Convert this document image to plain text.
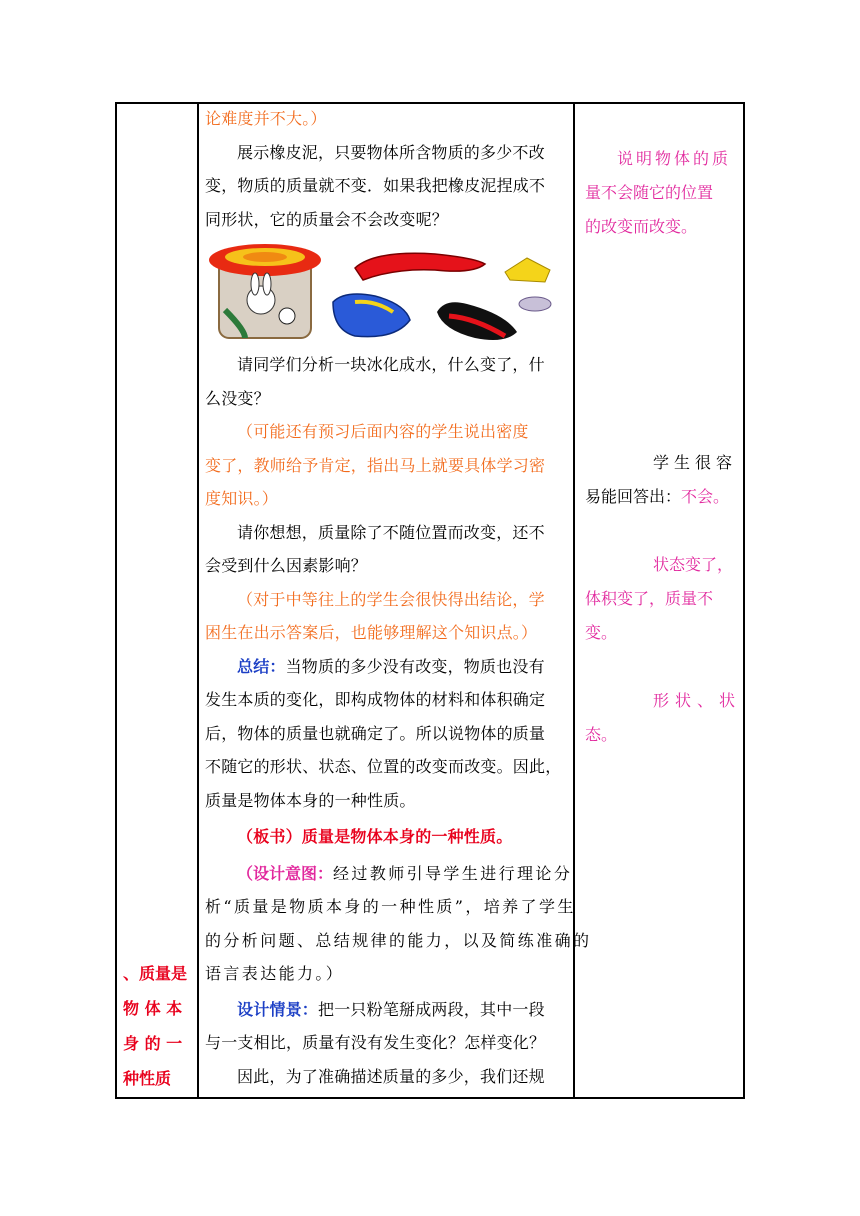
、质量是
物 体 本
身 的 一
种性质
论难度并不大。）
展示橡皮泥，只要物体所含物质的多少不改
变，物质的质量就不变．如果我把橡皮泥捏成不
同形状，它的质量会不会改变呢？
请同学们分析一块冰化成水，什么变了，什
么没变？
（可能还有预习后面内容的学生说出密度
变了，教师给予肯定，指出马上就要具体学习密
度知识。）
请你想想，质量除了不随位置而改变，还不
会受到什么因素影响？
（对于中等往上的学生会很快得出结论，学
困生在出示答案后，也能够理解这个知识点。）
总结：当物质的多少没有改变，物质也没有
发生本质的变化，即构成物体的材料和体积确定
后，物体的质量也就确定了。所以说物体的质量
不随它的形状、状态、位置的改变而改变。因此，
质量是物体本身的一种性质。
（板书）质量是物体本身的一种性质。
（设计意图：经过教师引导学生进行理论分
析“质量是物质本身的一种性质”，培养了学生
的分析问题、总结规律的能力，以及简练准确的
语言表达能力。）
设计情景：把一只粉笔掰成两段，其中一段
与一支相比，质量有没有发生变化？怎样变化？
因此，为了准确描述质量的多少，我们还规
说明物体的质
量不会随它的位置
的改变而改变。
学生很容
易能回答出：不会。
状态变了，
体积变了，质量不
变。
形状、状
态。
